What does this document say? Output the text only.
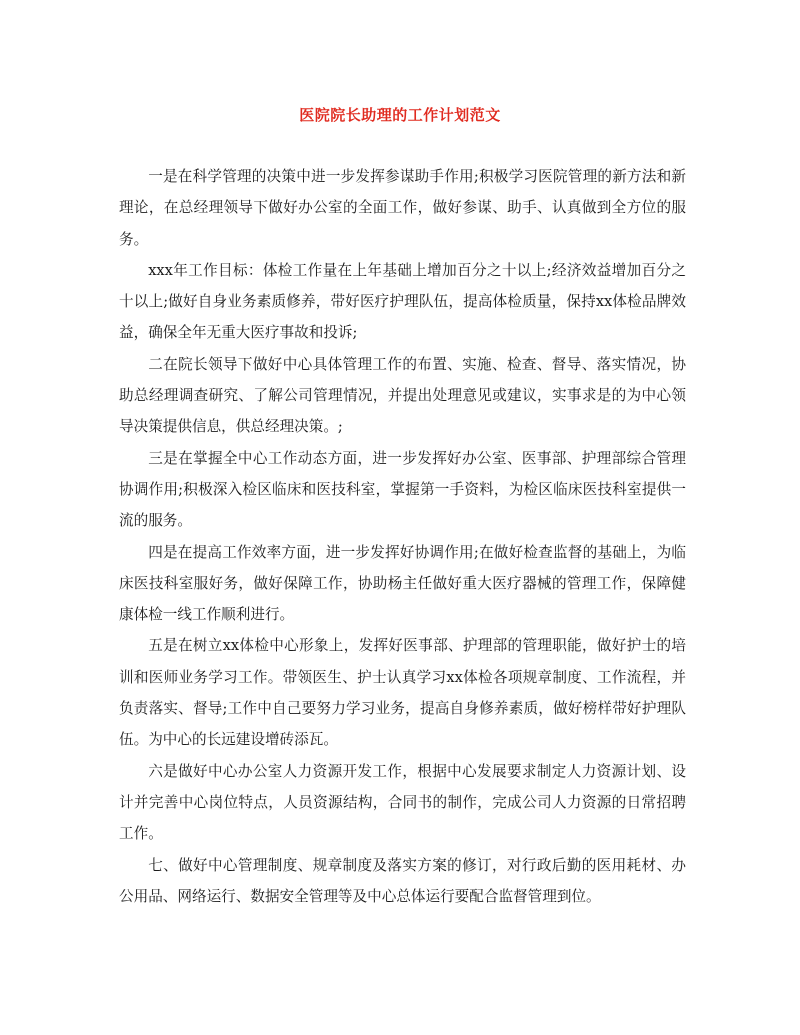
医院院长助理的工作计划范文

一是在科学管理的决策中进一步发挥参谋助手作用;积极学习医院管理的新方法和新理论，在总经理领导下做好办公室的全面工作，做好参谋、助手、认真做到全方位的服务。

xxx年工作目标：体检工作量在上年基础上增加百分之十以上;经济效益增加百分之十以上;做好自身业务素质修养，带好医疗护理队伍，提高体检质量，保持xx体检品牌效益，确保全年无重大医疗事故和投诉;

二在院长领导下做好中心具体管理工作的布置、实施、检查、督导、落实情况，协助总经理调查研究、了解公司管理情况，并提出处理意见或建议，实事求是的为中心领导决策提供信息，供总经理决策。;

三是在掌握全中心工作动态方面，进一步发挥好办公室、医事部、护理部综合管理协调作用;积极深入检区临床和医技科室，掌握第一手资料，为检区临床医技科室提供一流的服务。

四是在提高工作效率方面，进一步发挥好协调作用;在做好检查监督的基础上，为临床医技科室服好务，做好保障工作，协助杨主任做好重大医疗器械的管理工作，保障健康体检一线工作顺利进行。

五是在树立xx体检中心形象上，发挥好医事部、护理部的管理职能，做好护士的培训和医师业务学习工作。带领医生、护士认真学习xx体检各项规章制度、工作流程，并负责落实、督导;工作中自己要努力学习业务，提高自身修养素质，做好榜样带好护理队伍。为中心的长远建设增砖添瓦。

六是做好中心办公室人力资源开发工作，根据中心发展要求制定人力资源计划、设计并完善中心岗位特点，人员资源结构，合同书的制作，完成公司人力资源的日常招聘工作。

七、做好中心管理制度、规章制度及落实方案的修订，对行政后勤的医用耗材、办公用品、网络运行、数据安全管理等及中心总体运行要配合监督管理到位。
